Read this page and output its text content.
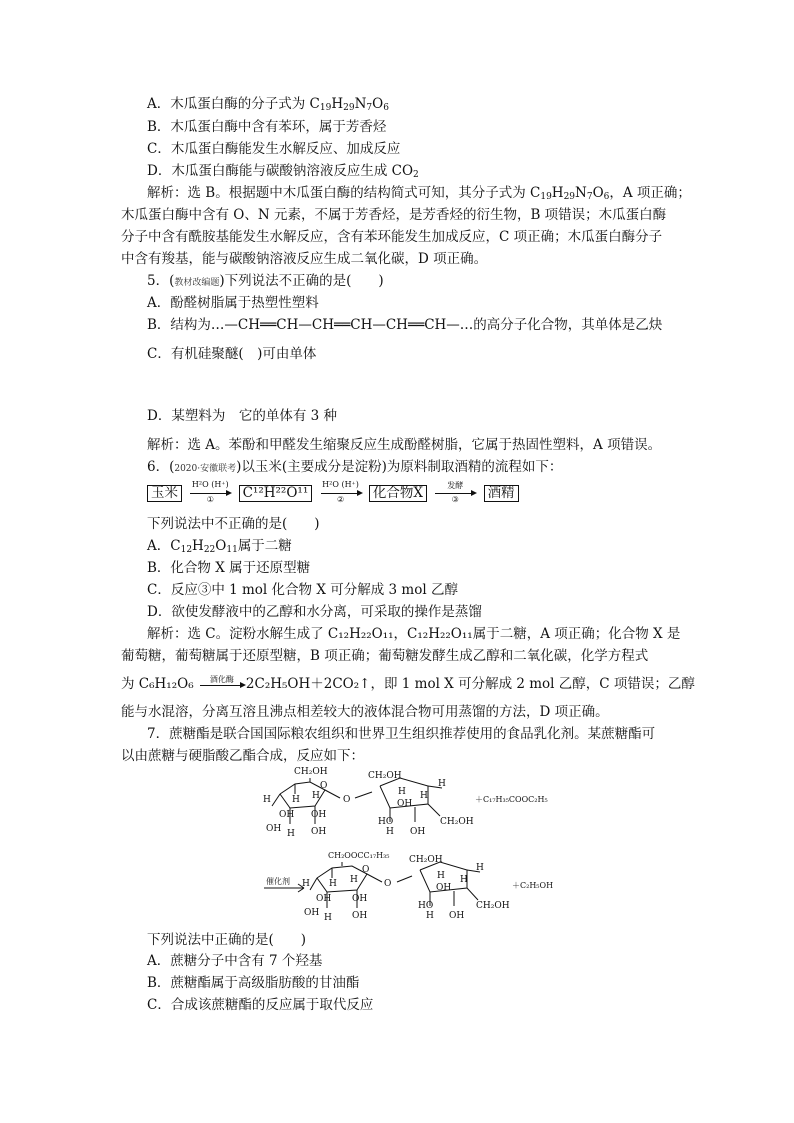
A．木瓜蛋白酶的分子式为 $C_{19}H_{29}N_7O_6$
B．木瓜蛋白酶中含有苯环，属于芳香烃
C．木瓜蛋白酶能发生水解反应、加成反应
D．木瓜蛋白酶能与碳酸钠溶液反应生成 $CO_2$
解析：选 B。根据题中木瓜蛋白酶的结构简式可知，其分子式为 $C_{19}H_{29}N_7O_6$，A 项正确；
木瓜蛋白酶中含有 O、N 元素，不属于芳香烃，是芳香烃的衍生物，B 项错误；木瓜蛋白酶
分子中含有酰胺基能发生水解反应，含有苯环能发生加成反应，C 项正确；木瓜蛋白酶分子
中含有羧基，能与碳酸钠溶液反应生成二氧化碳，D 项正确。
5．(教材改编题)下列说法不正确的是(　　)
A．酚醛树脂属于热塑性塑料
B．结构为…—CH══CH—CH══CH—CH══CH—…的高分子化合物，其单体是乙炔
C．有机硅聚醚(　)可由单体
D．某塑料为　它的单体有 3 种
解析：选 A。苯酚和甲醛发生缩聚反应生成酚醛树脂，它属于热固性塑料，A 项错误。
6．(2020·安徽联考)以玉米(主要成分是淀粉)为原料制取酒精的流程如下：
玉米	H²O (H⁺)
①	C¹²H²²O¹¹	H²O (H⁺)
②	化合物X	发酵
③	酒精
下列说法中不正确的是(　　)
A．$C_{12}H_{22}O_{11}$属于二糖
B．化合物 X 属于还原型糖
C．反应③中 1 mol 化合物 X 可分解成 3 mol 乙醇
D．欲使发酵液中的乙醇和水分离，可采取的操作是蒸馏
解析：选 C。淀粉水解生成了 C₁₂H₂₂O₁₁，C₁₂H₂₂O₁₁属于二糖，A 项正确；化合物 X 是
葡萄糖，葡萄糖属于还原型糖，B 项正确；葡萄糖发酵生成乙醇和二氧化碳，化学方程式
为 C₆H₁₂O₆	酒化酶 2C₂H₅OH＋2CO₂↑，即 1 mol X 可分解成 2 mol 乙醇，C 项错误；乙醇
能与水混溶，分离互溶且沸点相差较大的液体混合物可用蒸馏的方法，D 项正确。
7．蔗糖酯是联合国国际粮农组织和世界卫生组织推荐使用的食品乳化剂。某蔗糖酯可
以由蔗糖与硬脂酸乙酯合成，反应如下：
CH₂OH
H H
OH
H
OH
OH
H OH
O
O
CH₂OH
H
OH
HO
H
H OH
H
CH₂OH
＋C₁₇H₃₅COOC₂H₅
催化剂
CH₂OOCC₁₇H₃₅
H H
OH
H
OH
OH
H OH
O
O
CH₂OH
H
OH
HO
H
H OH
H
CH₂OH
＋C₂H₅OH
下列说法中正确的是(　　)
A．蔗糖分子中含有 7 个羟基
B．蔗糖酯属于高级脂肪酸的甘油酯
C．合成该蔗糖酯的反应属于取代反应
